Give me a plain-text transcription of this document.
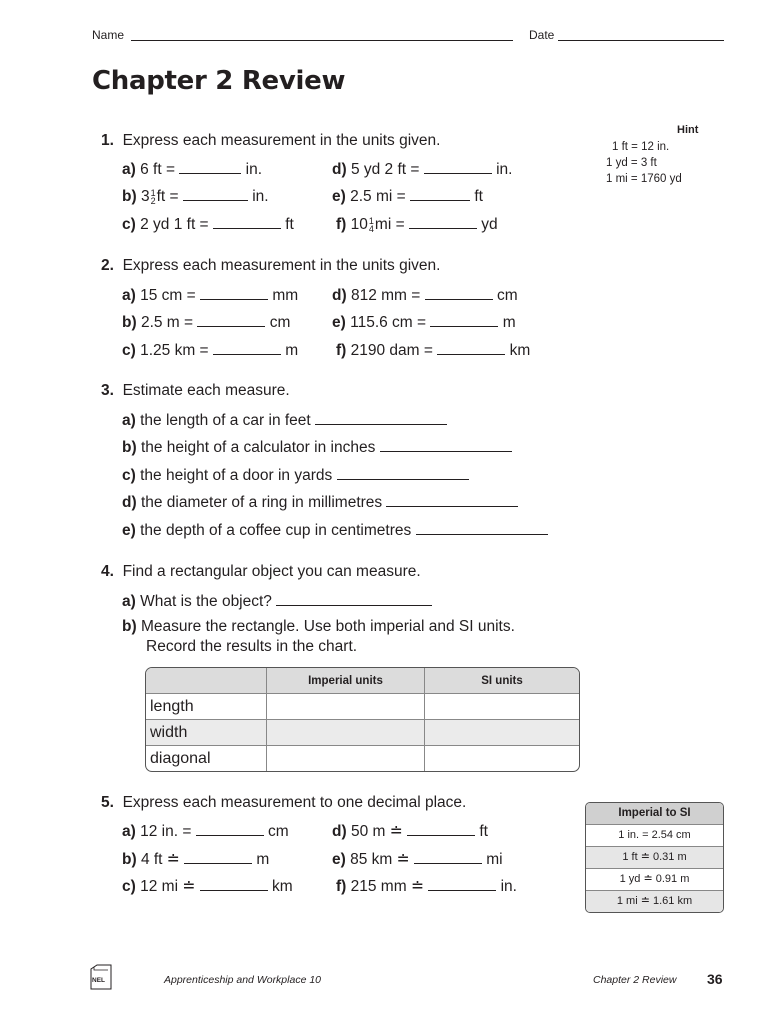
Name	Date
Chapter 2 Review
Hint
1 ft = 12 in.
1 yd = 3 ft
1 mi = 1760 yd
1. Express each measurement in the units given.
a) 6 ft =	in.
b) 31
2ft =	in.
c) 2 yd 1 ft =	ft
d) 5 yd 2 ft =	in.
e) 2.5 mi =	ft
f) 101
4mi =	yd
2. Express each measurement in the units given.
a) 15 cm =	mm
b) 2.5 m =	cm
c) 1.25 km =	m
d) 812 mm =	cm
e) 115.6 cm =	m
f) 2190 dam =	km
3. Estimate each measure.
a) the length of a car in feet
b) the height of a calculator in inches
c) the height of a door in yards
d) the diameter of a ring in millimetres
e) the depth of a coffee cup in centimetres
4. Find a rectangular object you can measure.
a) What is the object?
b) Measure the rectangle. Use both imperial and SI units.
Record the results in the chart.
	Imperial units	SI units
length		
width		
diagonal		
5. Express each measurement to one decimal place.
a) 12 in. =	cm
b) 4 ft ≐	m
c) 12 mi ≐	km
d) 50 m ≐	ft
e) 85 km ≐	mi
f) 215 mm ≐	in.
Imperial to SI
1 in. = 2.54 cm
1 ft ≐ 0.31 m
1 yd ≐ 0.91 m
1 mi ≐ 1.61 km
NEL	Apprenticeship and Workplace 10	Chapter 2 Review 36
